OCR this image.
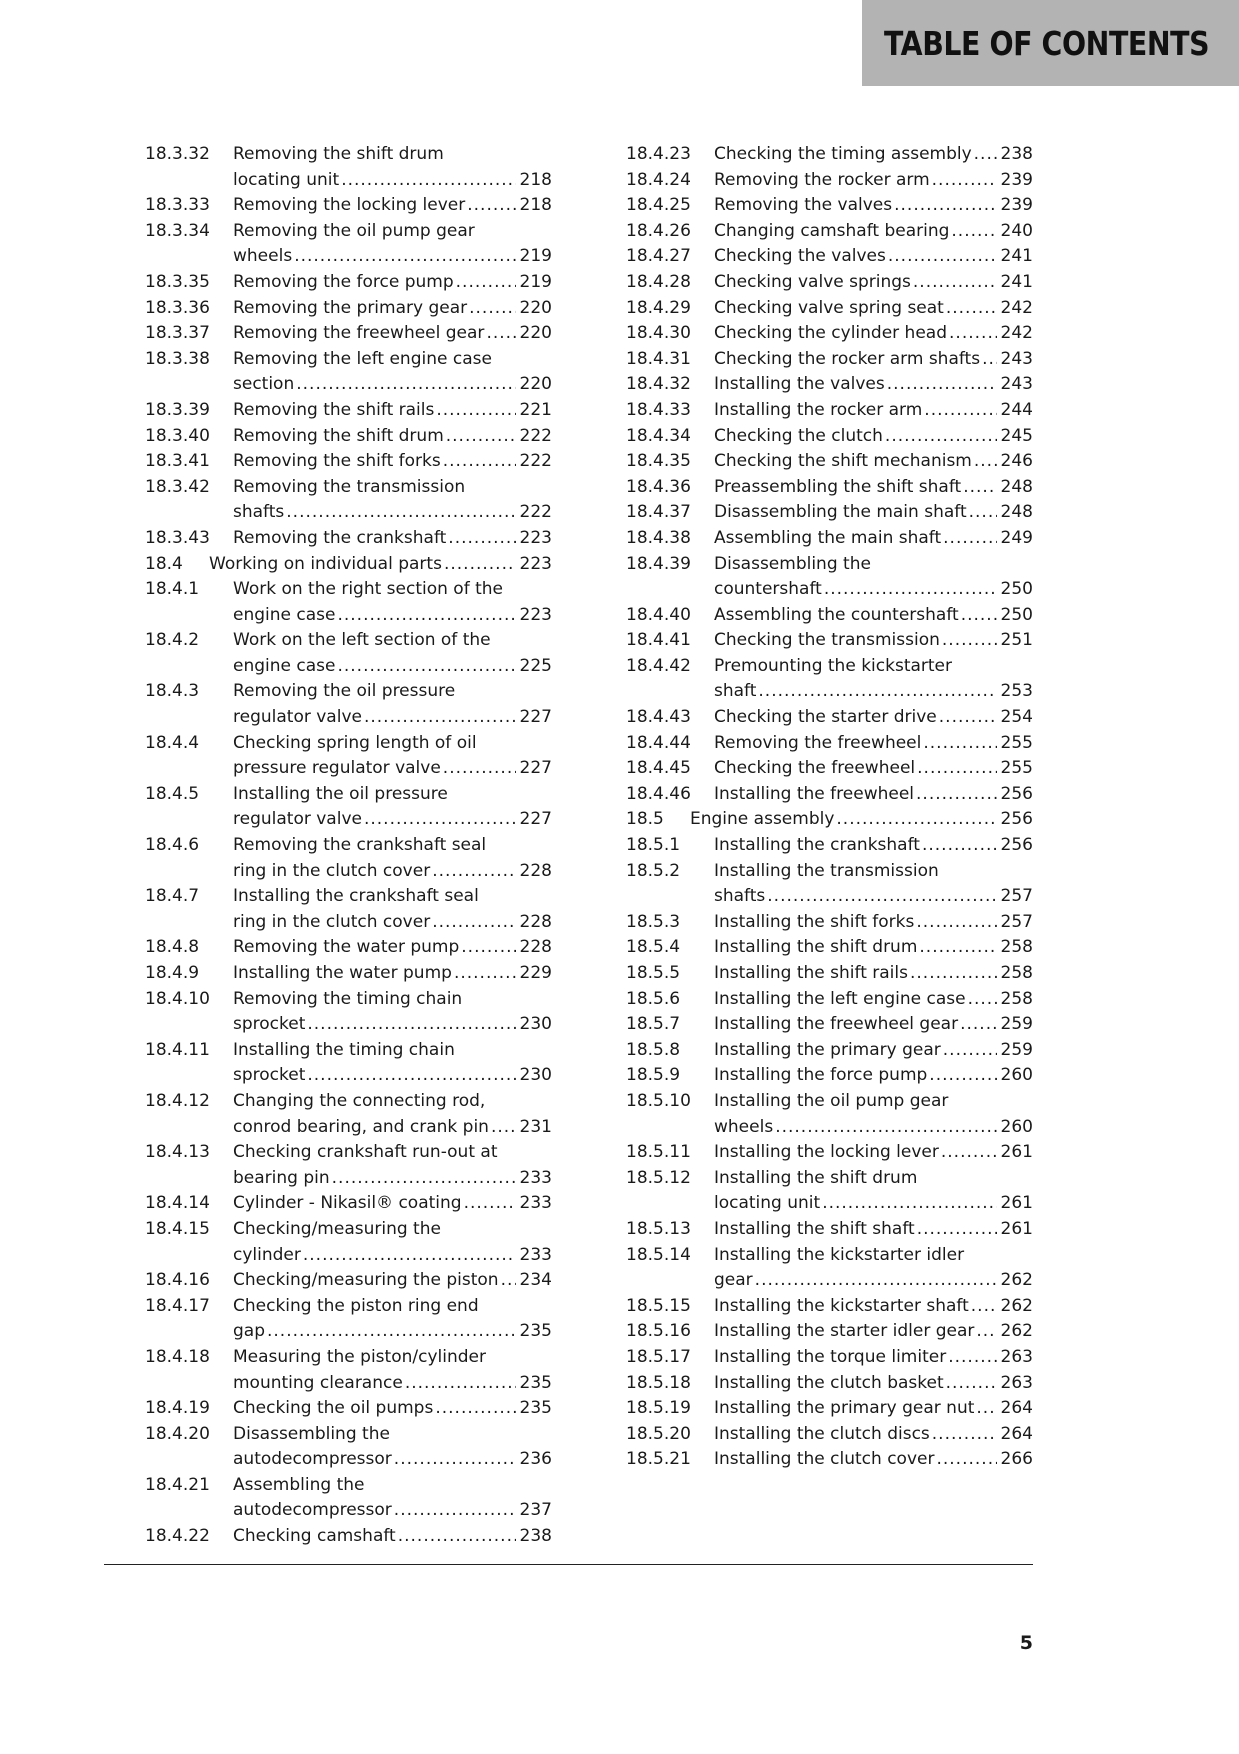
TABLE OF CONTENTS
18.3.32 Removing the shift drum
locating unit .....	218
18.3.33 Removing the locking lever .....	218
18.3.34 Removing the oil pump gear
wheels .....	219
18.3.35 Removing the force pump .....	219
18.3.36 Removing the primary gear .....	220
18.3.37 Removing the freewheel gear ..... 220
18.3.38 Removing the left engine case
section .....	220
18.3.39 Removing the shift rails .....	221
18.3.40 Removing the shift drum .....	222
18.3.41 Removing the shift forks .....	222
18.3.42 Removing the transmission
shafts .....	222
18.3.43 Removing the crankshaft .....	223
18.4 Working on individual parts .....	223
18.4.1 Work on the right section of the
engine case .....	223
18.4.2 Work on the left section of the
engine case .....	225
18.4.3 Removing the oil pressure
regulator valve .....	227
18.4.4 Checking spring length of oil
pressure regulator valve .....	227
18.4.5 Installing the oil pressure
regulator valve .....	227
18.4.6 Removing the crankshaft seal
ring in the clutch cover .....	228
18.4.7 Installing the crankshaft seal
ring in the clutch cover .....	228
18.4.8 Removing the water pump .....	228
18.4.9 Installing the water pump .....	229
18.4.10 Removing the timing chain
sprocket .....	230
18.4.11 Installing the timing chain
sprocket .....	230
18.4.12 Changing the connecting rod,
conrod bearing, and crank pin ..... 231
18.4.13 Checking crankshaft run-out at
bearing pin .....	233
18.4.14 Cylinder - Nikasil® coating .....	233
18.4.15 Checking/measuring the
cylinder .....	233
18.4.16 Checking/measuring the piston ..... 234
18.4.17 Checking the piston ring end
gap .....	235
18.4.18 Measuring the piston/cylinder
mounting clearance .....	235
18.4.19 Checking the oil pumps .....	235
18.4.20 Disassembling the
autodecompressor .....	236
18.4.21 Assembling the
autodecompressor .....	237
18.4.22 Checking camshaft .....	238
18.4.23 Checking the timing assembly ..... 238
18.4.24 Removing the rocker arm .....	239
18.4.25 Removing the valves .....	239
18.4.26 Changing camshaft bearing .....	240
18.4.27 Checking the valves .....	241
18.4.28 Checking valve springs .....	241
18.4.29 Checking valve spring seat .....	242
18.4.30 Checking the cylinder head .....	242
18.4.31 Checking the rocker arm shafts ..... 243
18.4.32 Installing the valves .....	243
18.4.33 Installing the rocker arm .....	244
18.4.34 Checking the clutch .....	245
18.4.35 Checking the shift mechanism ..... 246
18.4.36 Preassembling the shift shaft ..... 248
18.4.37 Disassembling the main shaft ..... 248
18.4.38 Assembling the main shaft .....	249
18.4.39 Disassembling the
countershaft .....	250
18.4.40 Assembling the countershaft ..... 250
18.4.41 Checking the transmission .....	251
18.4.42 Premounting the kickstarter
shaft .....	253
18.4.43 Checking the starter drive .....	254
18.4.44 Removing the freewheel .....	255
18.4.45 Checking the freewheel .....	255
18.4.46 Installing the freewheel .....	256
18.5 Engine assembly .....	256
18.5.1 Installing the crankshaft .....	256
18.5.2 Installing the transmission
shafts .....	257
18.5.3 Installing the shift forks .....	257
18.5.4 Installing the shift drum .....	258
18.5.5 Installing the shift rails .....	258
18.5.6 Installing the left engine case ..... 258
18.5.7 Installing the freewheel gear ..... 259
18.5.8 Installing the primary gear .....	259
18.5.9 Installing the force pump .....	260
18.5.10 Installing the oil pump gear
wheels .....	260
18.5.11 Installing the locking lever .....	261
18.5.12 Installing the shift drum
locating unit .....	261
18.5.13 Installing the shift shaft .....	261
18.5.14 Installing the kickstarter idler
gear .....	262
18.5.15 Installing the kickstarter shaft ..... 262
18.5.16 Installing the starter idler gear ..... 262
18.5.17 Installing the torque limiter .....	263
18.5.18 Installing the clutch basket .....	263
18.5.19 Installing the primary gear nut ..... 264
18.5.20 Installing the clutch discs .....	264
18.5.21 Installing the clutch cover .....	266
5
